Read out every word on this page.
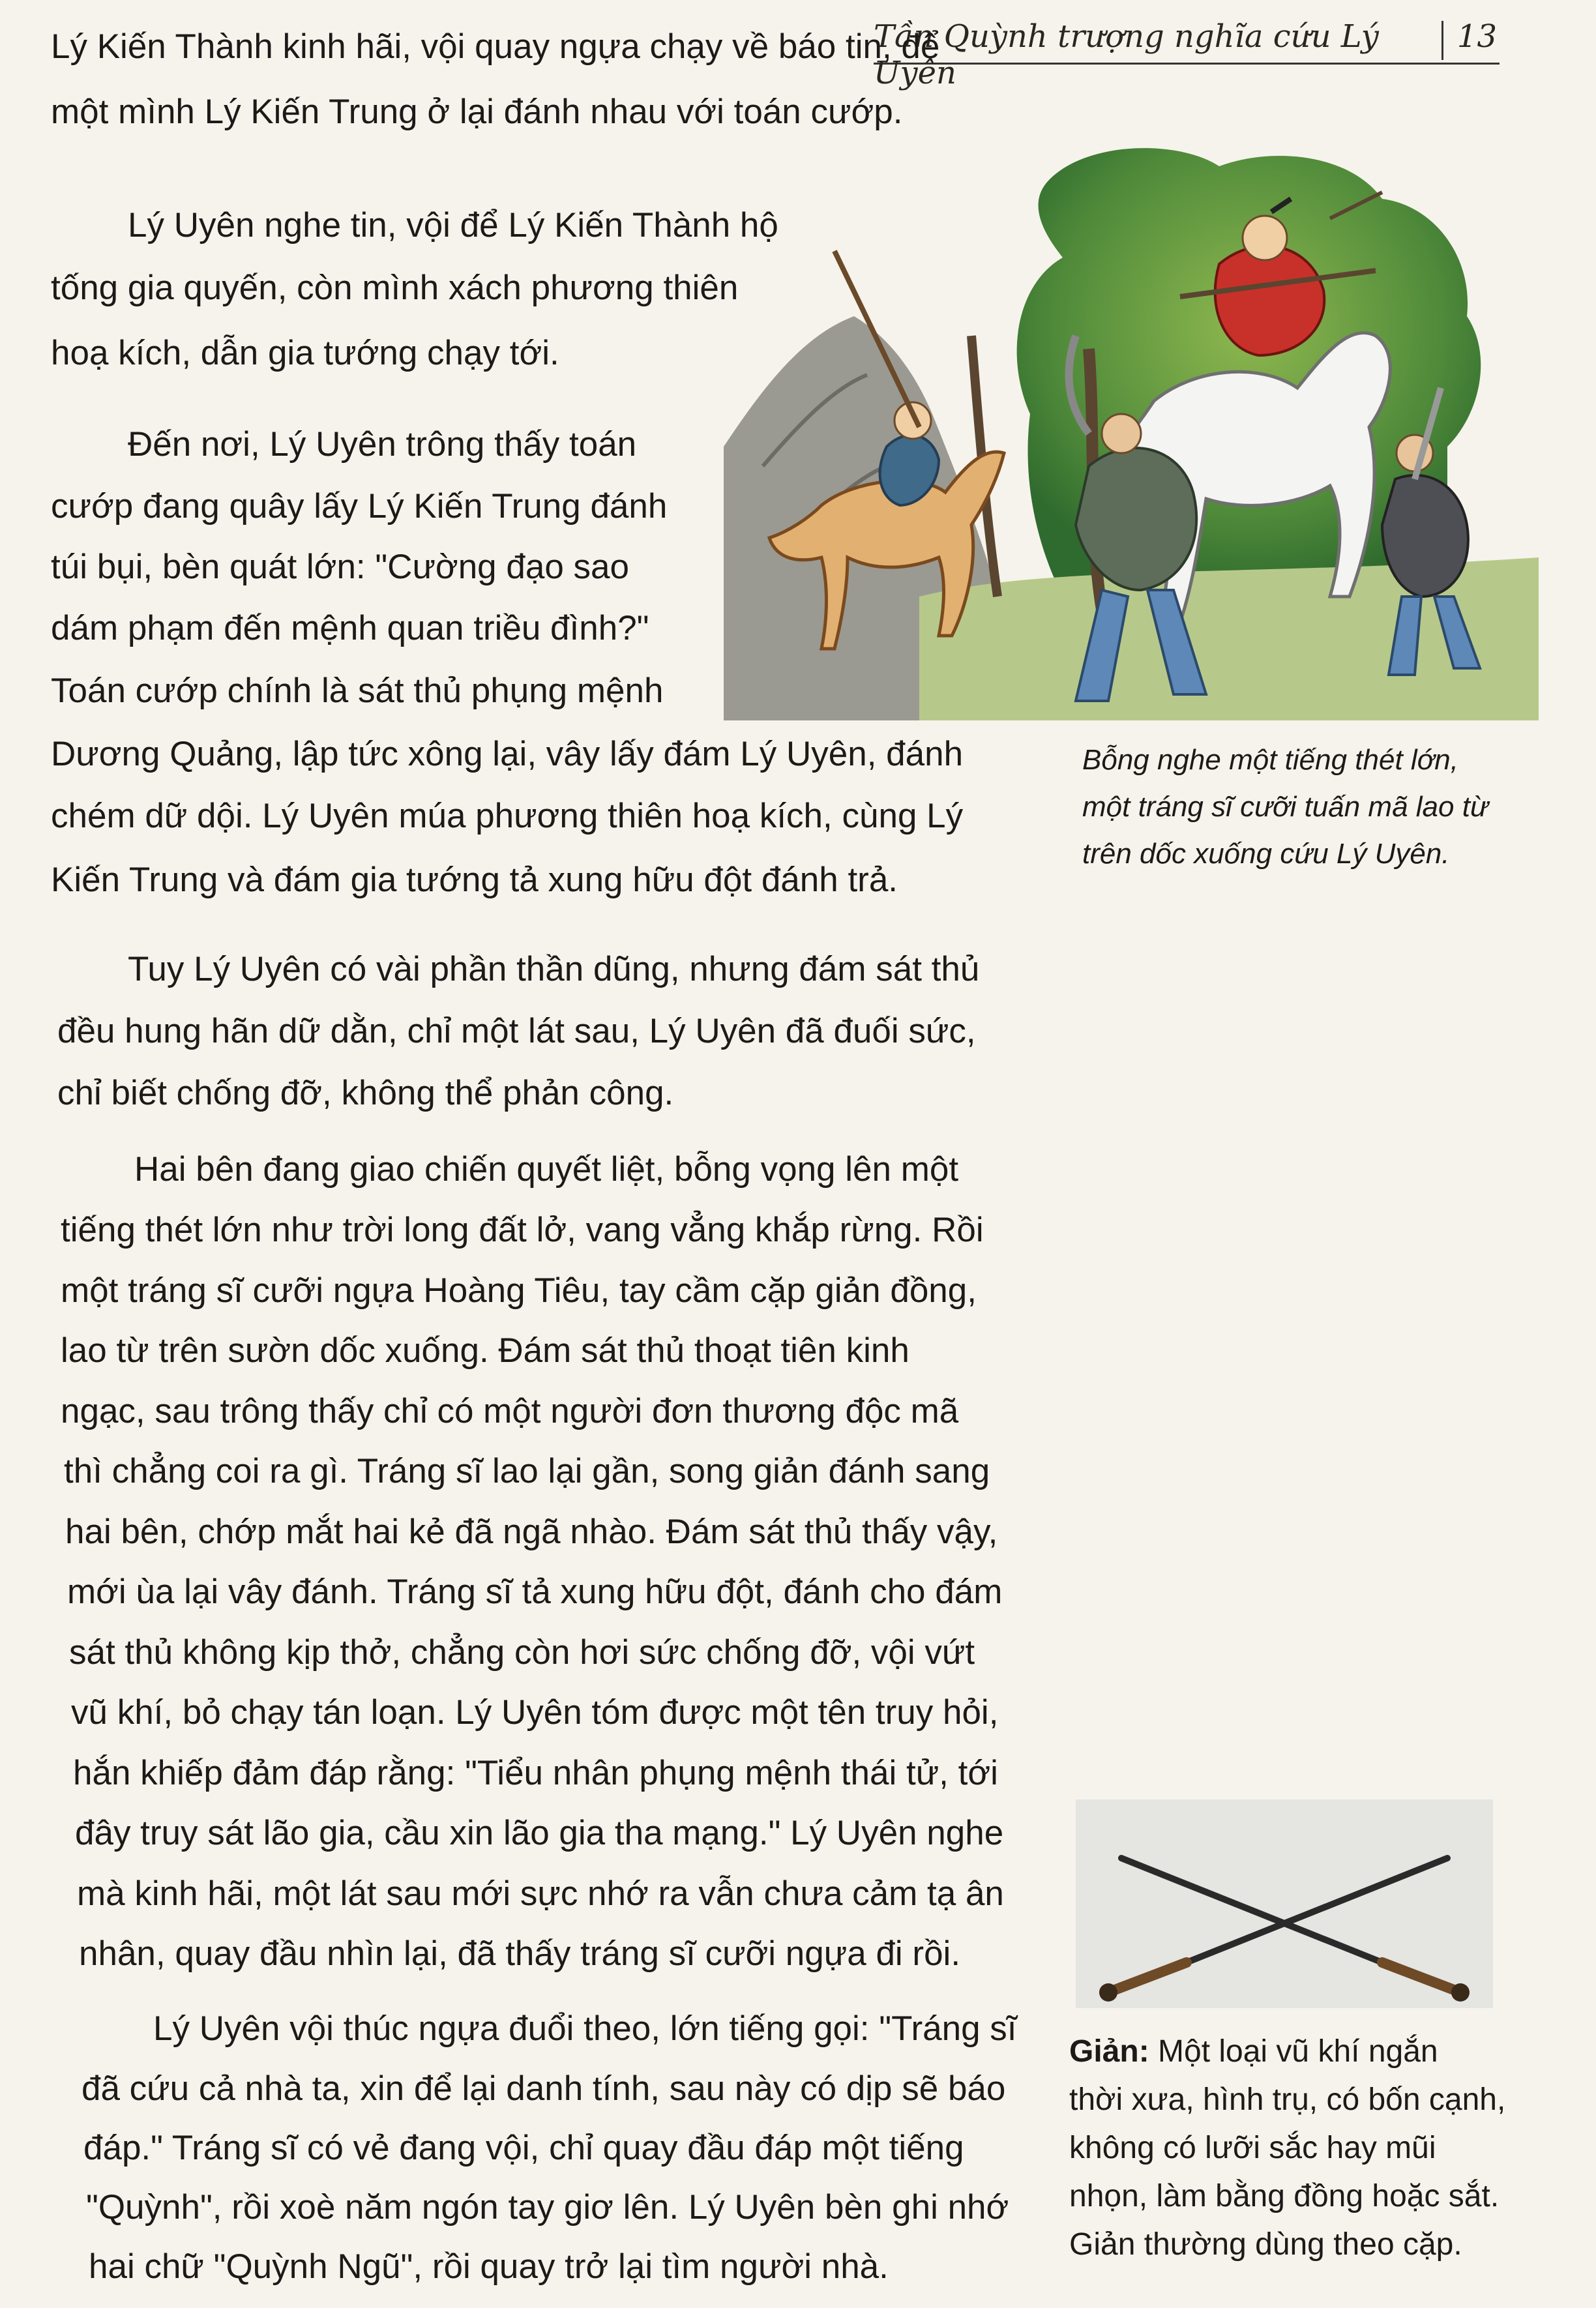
Tần Quỳnh trượng nghĩa cứu Lý Uyên
13
Lý Kiến Thành kinh hãi, vội quay ngựa chạy về báo tin, để
một mình Lý Kiến Trung ở lại đánh nhau với toán cướp.
Lý Uyên nghe tin, vội để Lý Kiến Thành hộ
tống gia quyến, còn mình xách phương thiên
hoạ kích, dẫn gia tướng chạy tới.
Đến nơi, Lý Uyên trông thấy toán
cướp đang quây lấy Lý Kiến Trung đánh
túi bụi, bèn quát lớn: "Cường đạo sao
dám phạm đến mệnh quan triều đình?"
Toán cướp chính là sát thủ phụng mệnh
Dương Quảng, lập tức xông lại, vây lấy đám Lý Uyên, đánh
chém dữ dội. Lý Uyên múa phương thiên hoạ kích, cùng Lý
Kiến Trung và đám gia tướng tả xung hữu đột đánh trả.
Tuy Lý Uyên có vài phần thần dũng, nhưng đám sát thủ
đều hung hãn dữ dằn, chỉ một lát sau, Lý Uyên đã đuối sức,
chỉ biết chống đỡ, không thể phản công.
Hai bên đang giao chiến quyết liệt, bỗng vọng lên một
tiếng thét lớn như trời long đất lở, vang vẳng khắp rừng. Rồi
một tráng sĩ cưỡi ngựa Hoàng Tiêu, tay cầm cặp giản đồng,
lao từ trên sườn dốc xuống. Đám sát thủ thoạt tiên kinh
ngạc, sau trông thấy chỉ có một người đơn thương độc mã
thì chẳng coi ra gì. Tráng sĩ lao lại gần, song giản đánh sang
hai bên, chớp mắt hai kẻ đã ngã nhào. Đám sát thủ thấy vậy,
mới ùa lại vây đánh. Tráng sĩ tả xung hữu đột, đánh cho đám
sát thủ không kịp thở, chẳng còn hơi sức chống đỡ, vội vứt
vũ khí, bỏ chạy tán loạn. Lý Uyên tóm được một tên truy hỏi,
hắn khiếp đảm đáp rằng: "Tiểu nhân phụng mệnh thái tử, tới
đây truy sát lão gia, cầu xin lão gia tha mạng." Lý Uyên nghe
mà kinh hãi, một lát sau mới sực nhớ ra vẫn chưa cảm tạ ân
nhân, quay đầu nhìn lại, đã thấy tráng sĩ cưỡi ngựa đi rồi.
Lý Uyên vội thúc ngựa đuổi theo, lớn tiếng gọi: "Tráng sĩ
đã cứu cả nhà ta, xin để lại danh tính, sau này có dịp sẽ báo
đáp." Tráng sĩ có vẻ đang vội, chỉ quay đầu đáp một tiếng
"Quỳnh", rồi xoè năm ngón tay giơ lên. Lý Uyên bèn ghi nhớ
hai chữ "Quỳnh Ngũ", rồi quay trở lại tìm người nhà.
Bỗng nghe một tiếng thét lớn,
một tráng sĩ cưỡi tuấn mã lao từ
trên dốc xuống cứu Lý Uyên.
Giản: Một loại vũ khí ngắn
thời xưa, hình trụ, có bốn cạnh,
không có lưỡi sắc hay mũi
nhọn, làm bằng đồng hoặc sắt.
Giản thường dùng theo cặp.
